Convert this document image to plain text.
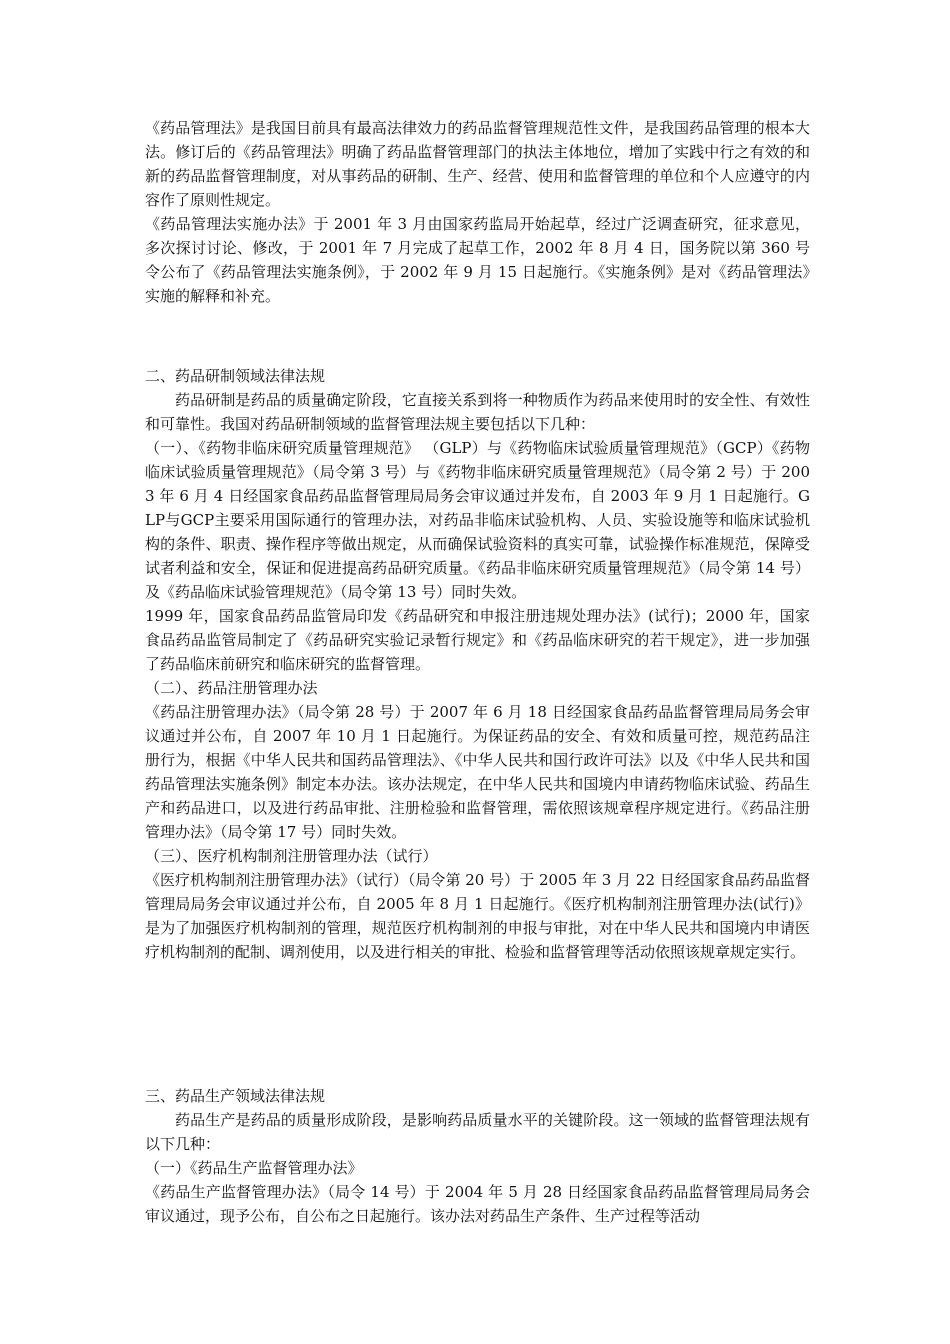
《药品管理法》是我国目前具有最高法律效力的药品监督管理规范性文件，是我国药品管理的根本大法。修订后的《药品管理法》明确了药品监督管理部门的执法主体地位，增加了实践中行之有效的和新的药品监督管理制度，对从事药品的研制、生产、经营、使用和监督管理的单位和个人应遵守的内容作了原则性规定。

《药品管理法实施办法》于 2001 年 3 月由国家药监局开始起草，经过广泛调查研究，征求意见，多次探讨讨论、修改，于 2001 年 7 月完成了起草工作，2002 年 8 月 4 日，国务院以第 360 号令公布了《药品管理法实施条例》，于 2002 年 9 月 15 日起施行。《实施条例》是对《药品管理法》实施的解释和补充。

二、药品研制领域法律法规

药品研制是药品的质量确定阶段，它直接关系到将一种物质作为药品来使用时的安全性、有效性和可靠性。我国对药品研制领域的监督管理法规主要包括以下几种：

（一）、《药物非临床研究质量管理规范》 （GLP）与《药物临床试验质量管理规范》（GCP）《药物临床试验质量管理规范》（局令第 3 号）与《药物非临床研究质量管理规范》（局令第 2 号）于 2003 年 6 月 4 日经国家食品药品监督管理局局务会审议通过并发布，自 2003 年 9 月 1 日起施行。GLP与GCP主要采用国际通行的管理办法，对药品非临床试验机构、人员、实验设施等和临床试验机构的条件、职责、操作程序等做出规定，从而确保试验资料的真实可靠，试验操作标准规范，保障受试者利益和安全，保证和促进提高药品研究质量。《药品非临床研究质量管理规范》（局令第 14 号）及《药品临床试验管理规范》（局令第 13 号）同时失效。

1999 年，国家食品药品监管局印发《药品研究和申报注册违规处理办法》(试行)；2000 年，国家食品药品监管局制定了《药品研究实验记录暂行规定》和《药品临床研究的若干规定》，进一步加强了药品临床前研究和临床研究的监督管理。

（二）、药品注册管理办法

《药品注册管理办法》（局令第 28 号）于 2007 年 6 月 18 日经国家食品药品监督管理局局务会审议通过并公布，自 2007 年 10 月 1 日起施行。为保证药品的安全、有效和质量可控，规范药品注册行为，根据《中华人民共和国药品管理法》、《中华人民共和国行政许可法》以及《中华人民共和国药品管理法实施条例》制定本办法。该办法规定，在中华人民共和国境内申请药物临床试验、药品生产和药品进口，以及进行药品审批、注册检验和监督管理，需依照该规章程序规定进行。《药品注册管理办法》（局令第 17 号）同时失效。

（三）、医疗机构制剂注册管理办法（试行）

《医疗机构制剂注册管理办法》（试行）（局令第 20 号）于 2005 年 3 月 22 日经国家食品药品监督管理局局务会审议通过并公布，自 2005 年 8 月 1 日起施行。《医疗机构制剂注册管理办法(试行)》是为了加强医疗机构制剂的管理，规范医疗机构制剂的申报与审批，对在中华人民共和国境内申请医疗机构制剂的配制、调剂使用，以及进行相关的审批、检验和监督管理等活动依照该规章规定实行。

三、药品生产领域法律法规

药品生产是药品的质量形成阶段，是影响药品质量水平的关键阶段。这一领域的监督管理法规有以下几种：

（一）《药品生产监督管理办法》

《药品生产监督管理办法》（局令 14 号）于 2004 年 5 月 28 日经国家食品药品监督管理局局务会审议通过，现予公布，自公布之日起施行。该办法对药品生产条件、生产过程等活动
